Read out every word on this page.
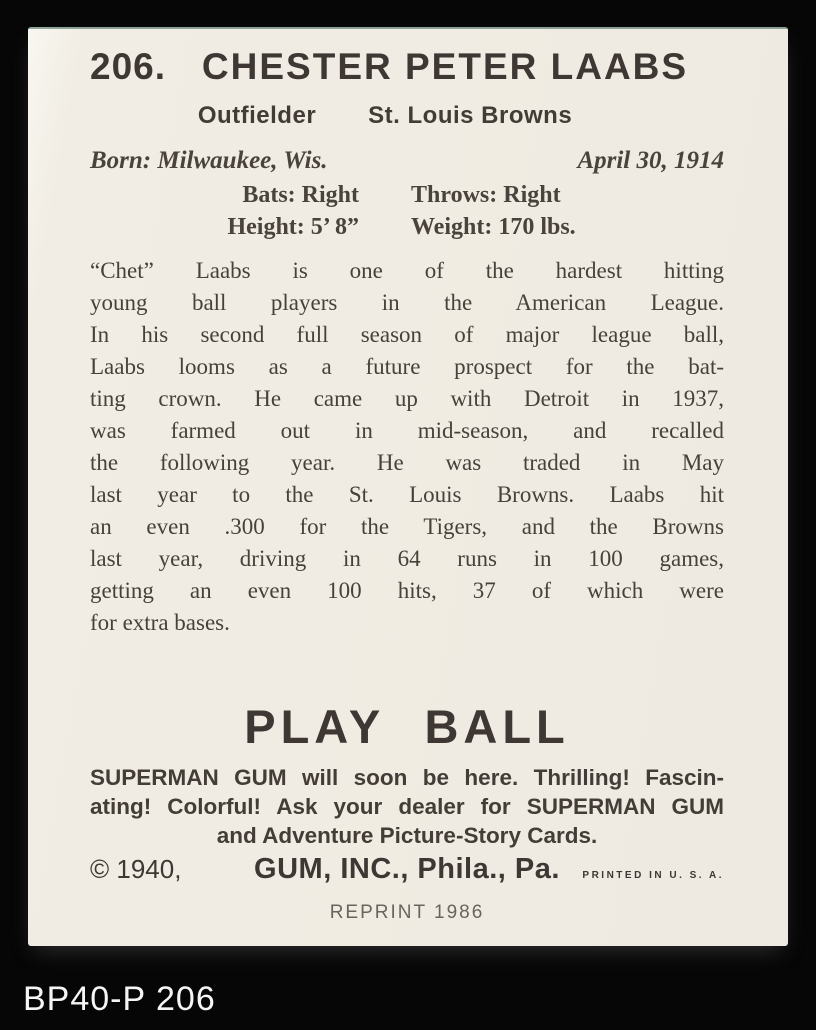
206. CHESTER PETER LAABS
Outfielder St. Louis Browns
Born: Milwaukee, Wis.	April 30, 1914
Bats: Right Throws: Right
Height: 5’ 8” Weight: 170 lbs.
“Chet” Laabs is one of the hardest hitting
young ball players in the American League.
In his second full season of major league ball,
Laabs looms as a future prospect for the bat-
ting crown. He came up with Detroit in 1937,
was farmed out in mid-season, and recalled
the following year. He was traded in May
last year to the St. Louis Browns. Laabs hit
an even .300 for the Tigers, and the Browns
last year, driving in 64 runs in 100 games,
getting an even 100 hits, 37 of which were
for extra bases.
PLAY BALL
SUPERMAN GUM will soon be here. Thrilling! Fascin-
ating! Colorful! Ask your dealer for SUPERMAN GUM
and Adventure Picture-Story Cards.
© 1940,	GUM, INC., Phila., Pa.	PRINTED IN U. S. A.
REPRINT 1986
BP40-P 206
